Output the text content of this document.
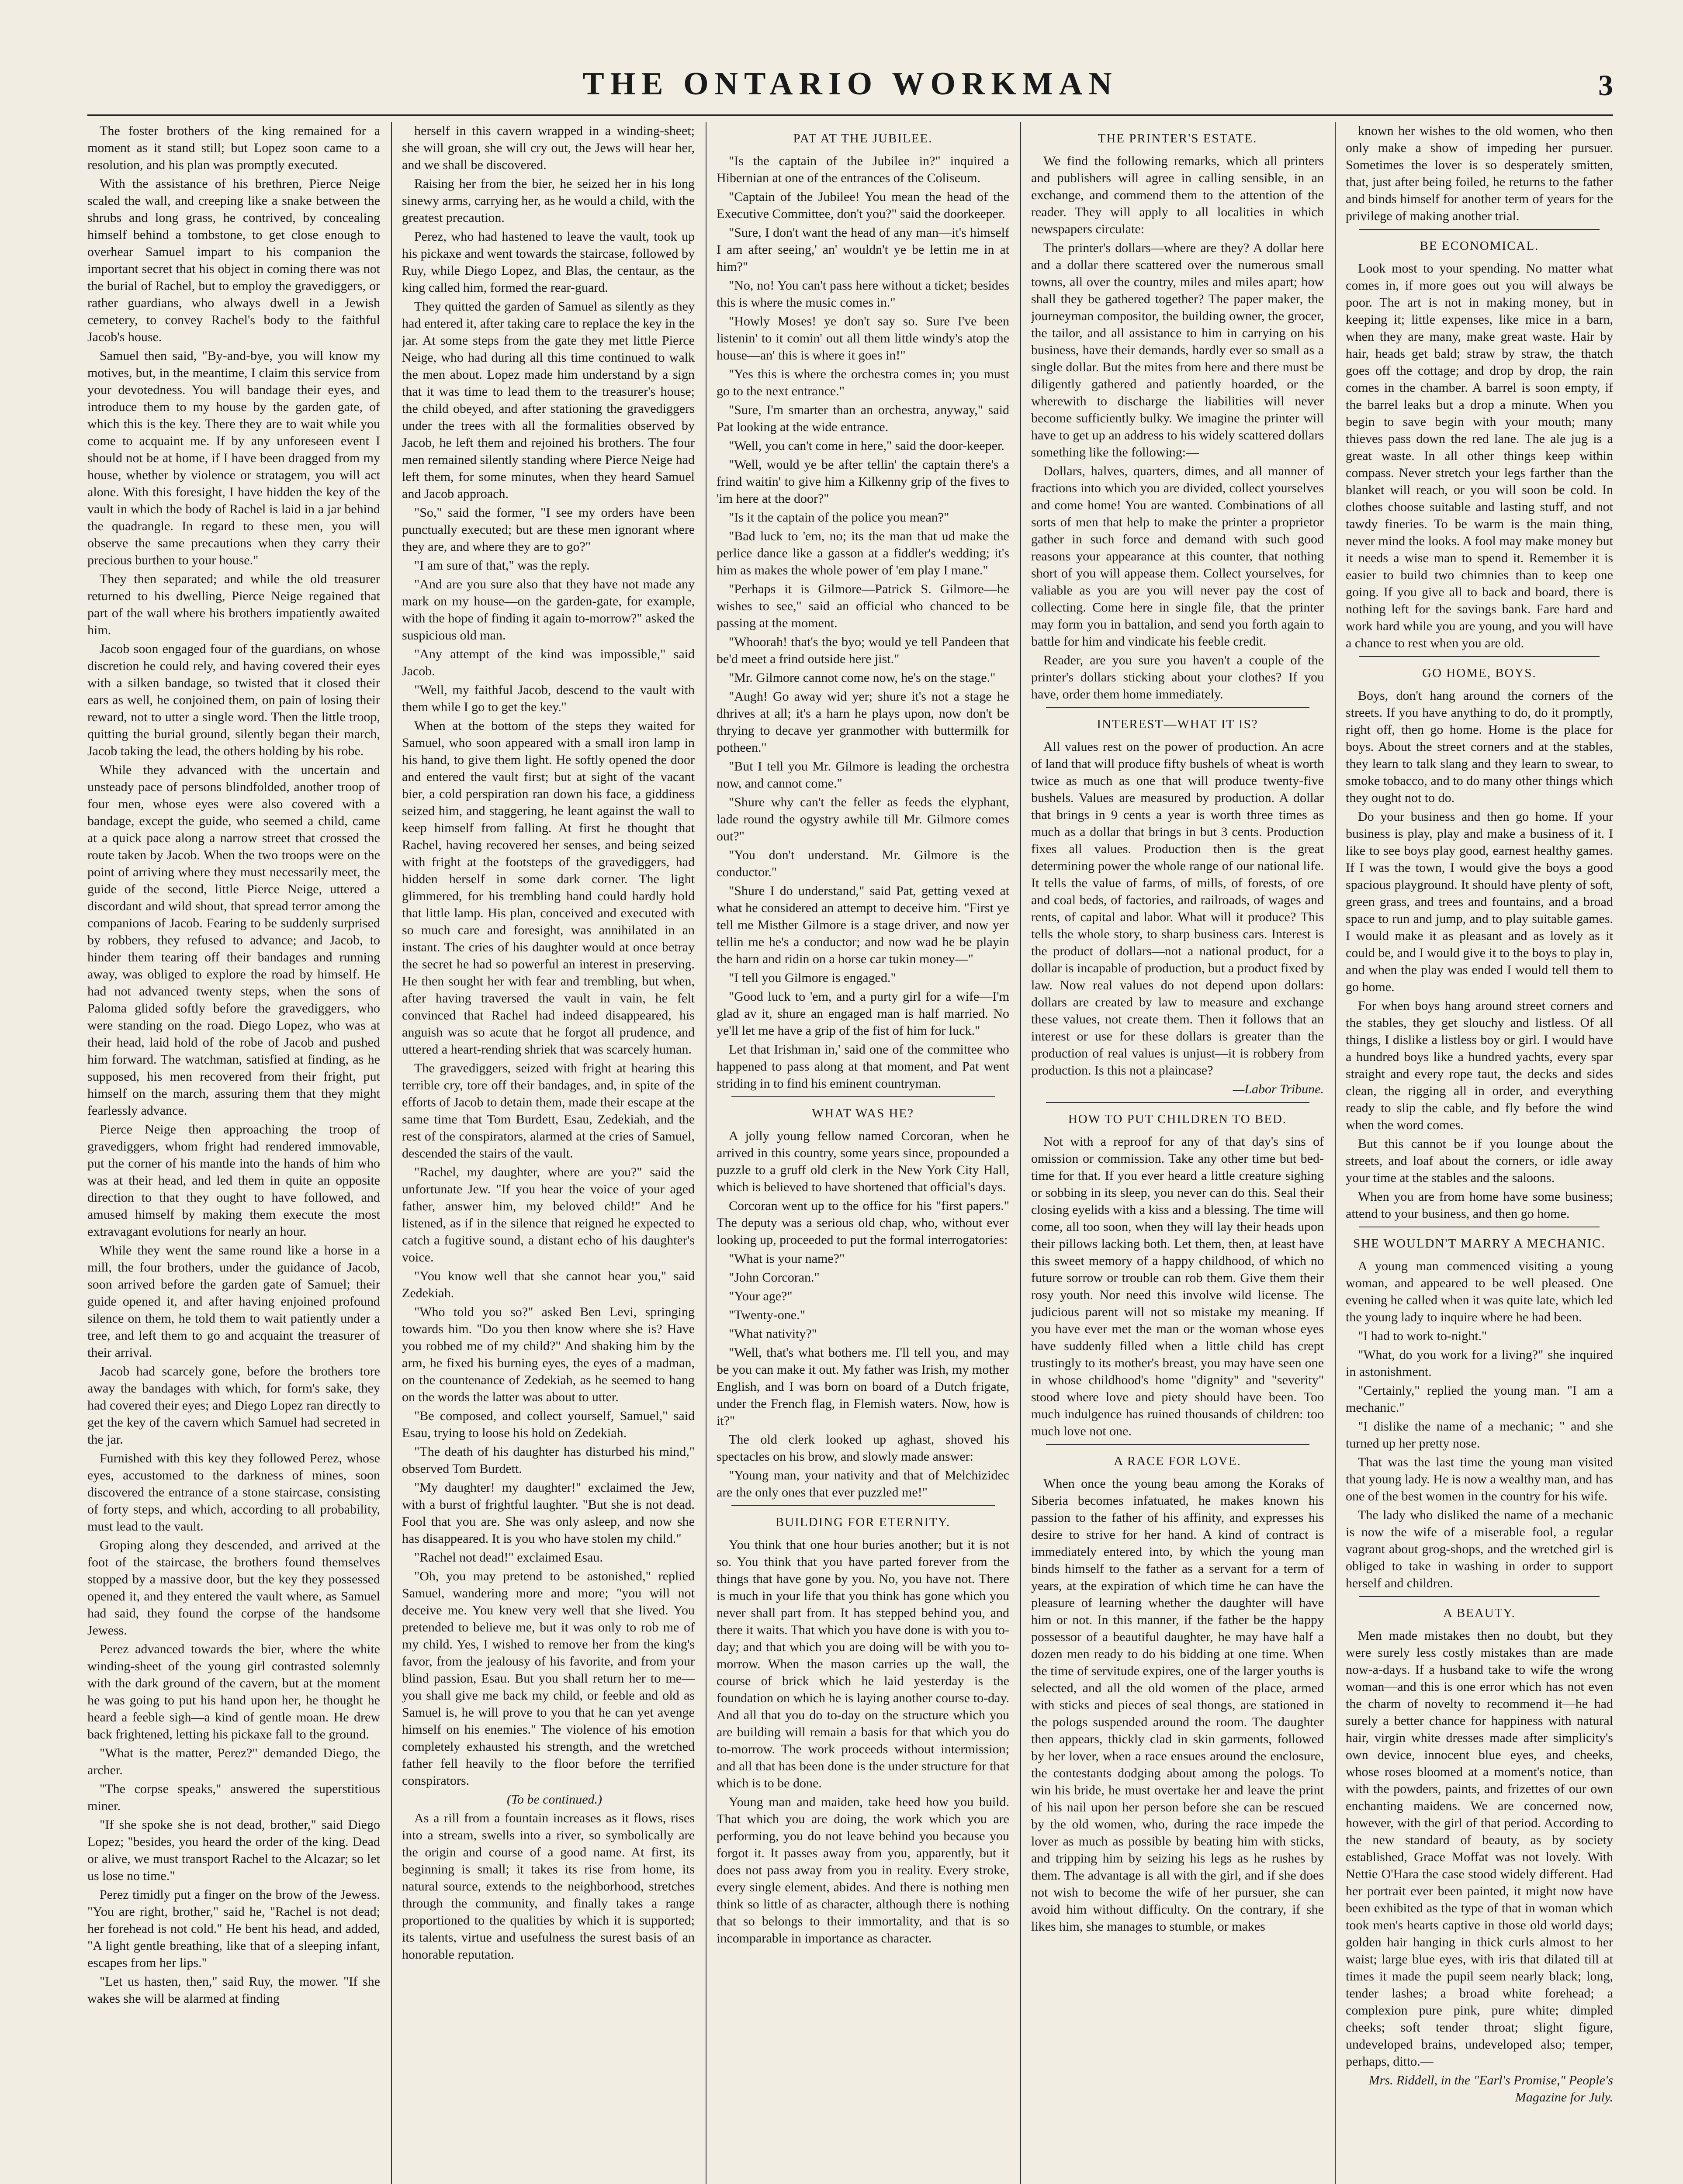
THE ONTARIO WORKMAN	3

The foster brothers of the king remained for a moment as it stand still; but Lopez soon came to a resolution, and his plan was promptly executed.

With the assistance of his brethren, Pierce Neige scaled the wall, and creeping like a snake between the shrubs and long grass, he contrived, by concealing himself behind a tombstone, to get close enough to overhear Samuel impart to his companion the important secret that his object in coming there was not the burial of Rachel, but to employ the gravediggers, or rather guardians, who always dwell in a Jewish cemetery, to convey Rachel's body to the faithful Jacob's house.

Samuel then said, "By-and-bye, you will know my motives, but, in the meantime, I claim this service from your devotedness. You will bandage their eyes, and introduce them to my house by the garden gate, of which this is the key. There they are to wait while you come to acquaint me. If by any unforeseen event I should not be at home, if I have been dragged from my house, whether by violence or stratagem, you will act alone. With this foresight, I have hidden the key of the vault in which the body of Rachel is laid in a jar behind the quadrangle. In regard to these men, you will observe the same precautions when they carry their precious burthen to your house."

They then separated; and while the old treasurer returned to his dwelling, Pierce Neige regained that part of the wall where his brothers impatiently awaited him.

Jacob soon engaged four of the guardians, on whose discretion he could rely, and having covered their eyes with a silken bandage, so twisted that it closed their ears as well, he conjoined them, on pain of losing their reward, not to utter a single word. Then the little troop, quitting the burial ground, silently began their march, Jacob taking the lead, the others holding by his robe.

While they advanced with the uncertain and unsteady pace of persons blindfolded, another troop of four men, whose eyes were also covered with a bandage, except the guide, who seemed a child, came at a quick pace along a narrow street that crossed the route taken by Jacob. When the two troops were on the point of arriving where they must necessarily meet, the guide of the second, little Pierce Neige, uttered a discordant and wild shout, that spread terror among the companions of Jacob. Fearing to be suddenly surprised by robbers, they refused to advance; and Jacob, to hinder them tearing off their bandages and running away, was obliged to explore the road by himself. He had not advanced twenty steps, when the sons of Paloma glided softly before the gravediggers, who were standing on the road. Diego Lopez, who was at their head, laid hold of the robe of Jacob and pushed him forward. The watchman, satisfied at finding, as he supposed, his men recovered from their fright, put himself on the march, assuring them that they might fearlessly advance.

Pierce Neige then approaching the troop of gravediggers, whom fright had rendered immovable, put the corner of his mantle into the hands of him who was at their head, and led them in quite an opposite direction to that they ought to have followed, and amused himself by making them execute the most extravagant evolutions for nearly an hour.

While they went the same round like a horse in a mill, the four brothers, under the guidance of Jacob, soon arrived before the garden gate of Samuel; their guide opened it, and after having enjoined profound silence on them, he told them to wait patiently under a tree, and left them to go and acquaint the treasurer of their arrival.

Jacob had scarcely gone, before the brothers tore away the bandages with which, for form's sake, they had covered their eyes; and Diego Lopez ran directly to get the key of the cavern which Samuel had secreted in the jar.

Furnished with this key they followed Perez, whose eyes, accustomed to the darkness of mines, soon discovered the entrance of a stone staircase, consisting of forty steps, and which, according to all probability, must lead to the vault.

Groping along they descended, and arrived at the foot of the staircase, the brothers found themselves stopped by a massive door, but the key they possessed opened it, and they entered the vault where, as Samuel had said, they found the corpse of the handsome Jewess.

Perez advanced towards the bier, where the white winding-sheet of the young girl contrasted solemnly with the dark ground of the cavern, but at the moment he was going to put his hand upon her, he thought he heard a feeble sigh—a kind of gentle moan. He drew back frightened, letting his pickaxe fall to the ground.

"What is the matter, Perez?" demanded Diego, the archer.

"The corpse speaks," answered the superstitious miner.

"If she spoke she is not dead, brother," said Diego Lopez; "besides, you heard the order of the king. Dead or alive, we must transport Rachel to the Alcazar; so let us lose no time."

Perez timidly put a finger on the brow of the Jewess. "You are right, brother," said he, "Rachel is not dead; her forehead is not cold." He bent his head, and added, "A light gentle breathing, like that of a sleeping infant, escapes from her lips."

"Let us hasten, then," said Ruy, the mower. "If she wakes she will be alarmed at finding

herself in this cavern wrapped in a winding-sheet; she will groan, she will cry out, the Jews will hear her, and we shall be discovered.

Raising her from the bier, he seized her in his long sinewy arms, carrying her, as he would a child, with the greatest precaution.

Perez, who had hastened to leave the vault, took up his pickaxe and went towards the staircase, followed by Ruy, while Diego Lopez, and Blas, the centaur, as the king called him, formed the rear-guard.

They quitted the garden of Samuel as silently as they had entered it, after taking care to replace the key in the jar. At some steps from the gate they met little Pierce Neige, who had during all this time continued to walk the men about. Lopez made him understand by a sign that it was time to lead them to the treasurer's house; the child obeyed, and after stationing the gravediggers under the trees with all the formalities observed by Jacob, he left them and rejoined his brothers. The four men remained silently standing where Pierce Neige had left them, for some minutes, when they heard Samuel and Jacob approach.

"So," said the former, "I see my orders have been punctually executed; but are these men ignorant where they are, and where they are to go?"

"I am sure of that," was the reply.

"And are you sure also that they have not made any mark on my house—on the garden-gate, for example, with the hope of finding it again to-morrow?" asked the suspicious old man.

"Any attempt of the kind was impossible," said Jacob.

"Well, my faithful Jacob, descend to the vault with them while I go to get the key."

When at the bottom of the steps they waited for Samuel, who soon appeared with a small iron lamp in his hand, to give them light. He softly opened the door and entered the vault first; but at sight of the vacant bier, a cold perspiration ran down his face, a giddiness seized him, and staggering, he leant against the wall to keep himself from falling. At first he thought that Rachel, having recovered her senses, and being seized with fright at the footsteps of the gravediggers, had hidden herself in some dark corner. The light glimmered, for his trembling hand could hardly hold that little lamp. His plan, conceived and executed with so much care and foresight, was annihilated in an instant. The cries of his daughter would at once betray the secret he had so powerful an interest in preserving. He then sought her with fear and trembling, but when, after having traversed the vault in vain, he felt convinced that Rachel had indeed disappeared, his anguish was so acute that he forgot all prudence, and uttered a heart-rending shriek that was scarcely human.

The gravediggers, seized with fright at hearing this terrible cry, tore off their bandages, and, in spite of the efforts of Jacob to detain them, made their escape at the same time that Tom Burdett, Esau, Zedekiah, and the rest of the conspirators, alarmed at the cries of Samuel, descended the stairs of the vault.

"Rachel, my daughter, where are you?" said the unfortunate Jew. "If you hear the voice of your aged father, answer him, my beloved child!" And he listened, as if in the silence that reigned he expected to catch a fugitive sound, a distant echo of his daughter's voice.

"You know well that she cannot hear you," said Zedekiah.

"Who told you so?" asked Ben Levi, springing towards him. "Do you then know where she is? Have you robbed me of my child?" And shaking him by the arm, he fixed his burning eyes, the eyes of a madman, on the countenance of Zedekiah, as he seemed to hang on the words the latter was about to utter.

"Be composed, and collect yourself, Samuel," said Esau, trying to loose his hold on Zedekiah.

"The death of his daughter has disturbed his mind," observed Tom Burdett.

"My daughter! my daughter!" exclaimed the Jew, with a burst of frightful laughter. "But she is not dead. Fool that you are. She was only asleep, and now she has disappeared. It is you who have stolen my child."

"Rachel not dead!" exclaimed Esau.

"Oh, you may pretend to be astonished," replied Samuel, wandering more and more; "you will not deceive me. You knew very well that she lived. You pretended to believe me, but it was only to rob me of my child. Yes, I wished to remove her from the king's favor, from the jealousy of his favorite, and from your blind passion, Esau. But you shall return her to me—you shall give me back my child, or feeble and old as Samuel is, he will prove to you that he can yet avenge himself on his enemies." The violence of his emotion completely exhausted his strength, and the wretched father fell heavily to the floor before the terrified conspirators.

(To be continued.)

As a rill from a fountain increases as it flows, rises into a stream, swells into a river, so symbolically are the origin and course of a good name. At first, its beginning is small; it takes its rise from home, its natural source, extends to the neighborhood, stretches through the community, and finally takes a range proportioned to the qualities by which it is supported; its talents, virtue and usefulness the surest basis of an honorable reputation.

PAT AT THE JUBILEE.

"Is the captain of the Jubilee in?" inquired a Hibernian at one of the entrances of the Coliseum.

"Captain of the Jubilee! You mean the head of the Executive Committee, don't you?" said the doorkeeper.

"Sure, I don't want the head of any man—it's himself I am after seeing,' an' wouldn't ye be lettin me in at him?"

"No, no! You can't pass here without a ticket; besides this is where the music comes in."

"Howly Moses! ye don't say so. Sure I've been listenin' to it comin' out all them little windy's atop the house—an' this is where it goes in!"

"Yes this is where the orchestra comes in; you must go to the next entrance."

"Sure, I'm smarter than an orchestra, anyway," said Pat looking at the wide entrance.

"Well, you can't come in here," said the door-keeper.

"Well, would ye be after tellin' the captain there's a frind waitin' to give him a Kilkenny grip of the fives to 'im here at the door?"

"Is it the captain of the police you mean?"

"Bad luck to 'em, no; its the man that ud make the perlice dance like a gasson at a fiddler's wedding; it's him as makes the whole power of 'em play I mane."

"Perhaps it is Gilmore—Patrick S. Gilmore—he wishes to see," said an official who chanced to be passing at the moment.

"Whoorah! that's the byo; would ye tell Pandeen that be'd meet a frind outside here jist."

"Mr. Gilmore cannot come now, he's on the stage."

"Augh! Go away wid yer; shure it's not a stage he dhrives at all; it's a harn he plays upon, now don't be thrying to decave yer granmother with buttermilk for potheen."

"But I tell you Mr. Gilmore is leading the orchestra now, and cannot come."

"Shure why can't the feller as feeds the elyphant, lade round the ogystry awhile till Mr. Gilmore comes out?"

"You don't understand. Mr. Gilmore is the conductor."

"Shure I do understand," said Pat, getting vexed at what he considered an attempt to deceive him. "First ye tell me Misther Gilmore is a stage driver, and now yer tellin me he's a conductor; and now wad he be playin the harn and ridin on a horse car tukin money—"

"I tell you Gilmore is engaged."

"Good luck to 'em, and a purty girl for a wife—I'm glad av it, shure an engaged man is half married. No ye'll let me have a grip of the fist of him for luck."

Let that Irishman in,' said one of the committee who happened to pass along at that moment, and Pat went striding in to find his eminent countryman.

WHAT WAS HE?

A jolly young fellow named Corcoran, when he arrived in this country, some years since, propounded a puzzle to a gruff old clerk in the New York City Hall, which is believed to have shortened that official's days.

Corcoran went up to the office for his "first papers." The deputy was a serious old chap, who, without ever looking up, proceeded to put the formal interrogatories:

"What is your name?"

"John Corcoran."

"Your age?"

"Twenty-one."

"What nativity?"

"Well, that's what bothers me. I'll tell you, and may be you can make it out. My father was Irish, my mother English, and I was born on board of a Dutch frigate, under the French flag, in Flemish waters. Now, how is it?"

The old clerk looked up aghast, shoved his spectacles on his brow, and slowly made answer:

"Young man, your nativity and that of Melchizidec are the only ones that ever puzzled me!"

BUILDING FOR ETERNITY.

You think that one hour buries another; but it is not so. You think that you have parted forever from the things that have gone by you. No, you have not. There is much in your life that you think has gone which you never shall part from. It has stepped behind you, and there it waits. That which you have done is with you to-day; and that which you are doing will be with you to-morrow. When the mason carries up the wall, the course of brick which he laid yesterday is the foundation on which he is laying another course to-day. And all that you do to-day on the structure which you are building will remain a basis for that which you do to-morrow. The work proceeds without intermission; and all that has been done is the under structure for that which is to be done.

Young man and maiden, take heed how you build. That which you are doing, the work which you are performing, you do not leave behind you because you forgot it. It passes away from you, apparently, but it does not pass away from you in reality. Every stroke, every single element, abides. And there is nothing men think so little of as character, although there is nothing that so belongs to their immortality, and that is so incomparable in importance as character.

THE PRINTER'S ESTATE.

We find the following remarks, which all printers and publishers will agree in calling sensible, in an exchange, and commend them to the attention of the reader. They will apply to all localities in which newspapers circulate:

The printer's dollars—where are they? A dollar here and a dollar there scattered over the numerous small towns, all over the country, miles and miles apart; how shall they be gathered together? The paper maker, the journeyman compositor, the building owner, the grocer, the tailor, and all assistance to him in carrying on his business, have their demands, hardly ever so small as a single dollar. But the mites from here and there must be diligently gathered and patiently hoarded, or the wherewith to discharge the liabilities will never become sufficiently bulky. We imagine the printer will have to get up an address to his widely scattered dollars something like the following:—

Dollars, halves, quarters, dimes, and all manner of fractions into which you are divided, collect yourselves and come home! You are wanted. Combinations of all sorts of men that help to make the printer a proprietor gather in such force and demand with such good reasons your appearance at this counter, that nothing short of you will appease them. Collect yourselves, for valiable as you are you will never pay the cost of collecting. Come here in single file, that the printer may form you in battalion, and send you forth again to battle for him and vindicate his feeble credit.

Reader, are you sure you haven't a couple of the printer's dollars sticking about your clothes? If you have, order them home immediately.

INTEREST—WHAT IT IS?

All values rest on the power of production. An acre of land that will produce fifty bushels of wheat is worth twice as much as one that will produce twenty-five bushels. Values are measured by production. A dollar that brings in 9 cents a year is worth three times as much as a dollar that brings in but 3 cents. Production fixes all values. Production then is the great determining power the whole range of our national life. It tells the value of farms, of mills, of forests, of ore and coal beds, of factories, and railroads, of wages and rents, of capital and labor. What will it produce? This tells the whole story, to sharp business cars. Interest is the product of dollars—not a national product, for a dollar is incapable of production, but a product fixed by law. Now real values do not depend upon dollars: dollars are created by law to measure and exchange these values, not create them. Then it follows that an interest or use for these dollars is greater than the production of real values is unjust—it is robbery from production. Is this not a plaincase?

—Labor Tribune.

HOW TO PUT CHILDREN TO BED.

Not with a reproof for any of that day's sins of omission or commission. Take any other time but bed-time for that. If you ever heard a little creature sighing or sobbing in its sleep, you never can do this. Seal their closing eyelids with a kiss and a blessing. The time will come, all too soon, when they will lay their heads upon their pillows lacking both. Let them, then, at least have this sweet memory of a happy childhood, of which no future sorrow or trouble can rob them. Give them their rosy youth. Nor need this involve wild license. The judicious parent will not so mistake my meaning. If you have ever met the man or the woman whose eyes have suddenly filled when a little child has crept trustingly to its mother's breast, you may have seen one in whose childhood's home "dignity" and "severity" stood where love and piety should have been. Too much indulgence has ruined thousands of children: too much love not one.

A RACE FOR LOVE.

When once the young beau among the Koraks of Siberia becomes infatuated, he makes known his passion to the father of his affinity, and expresses his desire to strive for her hand. A kind of contract is immediately entered into, by which the young man binds himself to the father as a servant for a term of years, at the expiration of which time he can have the pleasure of learning whether the daughter will have him or not. In this manner, if the father be the happy possessor of a beautiful daughter, he may have half a dozen men ready to do his bidding at one time. When the time of servitude expires, one of the larger youths is selected, and all the old women of the place, armed with sticks and pieces of seal thongs, are stationed in the pologs suspended around the room. The daughter then appears, thickly clad in skin garments, followed by her lover, when a race ensues around the enclosure, the contestants dodging about among the pologs. To win his bride, he must overtake her and leave the print of his nail upon her person before she can be rescued by the old women, who, during the race impede the lover as much as possible by beating him with sticks, and tripping him by seizing his legs as he rushes by them. The advantage is all with the girl, and if she does not wish to become the wife of her pursuer, she can avoid him without difficulty. On the contrary, if she likes him, she manages to stumble, or makes

known her wishes to the old women, who then only make a show of impeding her pursuer. Sometimes the lover is so desperately smitten, that, just after being foiled, he returns to the father and binds himself for another term of years for the privilege of making another trial.

BE ECONOMICAL.

Look most to your spending. No matter what comes in, if more goes out you will always be poor. The art is not in making money, but in keeping it; little expenses, like mice in a barn, when they are many, make great waste. Hair by hair, heads get bald; straw by straw, the thatch goes off the cottage; and drop by drop, the rain comes in the chamber. A barrel is soon empty, if the barrel leaks but a drop a minute. When you begin to save begin with your mouth; many thieves pass down the red lane. The ale jug is a great waste. In all other things keep within compass. Never stretch your legs farther than the blanket will reach, or you will soon be cold. In clothes choose suitable and lasting stuff, and not tawdy fineries. To be warm is the main thing, never mind the looks. A fool may make money but it needs a wise man to spend it. Remember it is easier to build two chimnies than to keep one going. If you give all to back and board, there is nothing left for the savings bank. Fare hard and work hard while you are young, and you will have a chance to rest when you are old.

GO HOME, BOYS.

Boys, don't hang around the corners of the streets. If you have anything to do, do it promptly, right off, then go home. Home is the place for boys. About the street corners and at the stables, they learn to talk slang and they learn to swear, to smoke tobacco, and to do many other things which they ought not to do.

Do your business and then go home. If your business is play, play and make a business of it. I like to see boys play good, earnest healthy games. If I was the town, I would give the boys a good spacious playground. It should have plenty of soft, green grass, and trees and fountains, and a broad space to run and jump, and to play suitable games. I would make it as pleasant and as lovely as it could be, and I would give it to the boys to play in, and when the play was ended I would tell them to go home.

For when boys hang around street corners and the stables, they get slouchy and listless. Of all things, I dislike a listless boy or girl. I would have a hundred boys like a hundred yachts, every spar straight and every rope taut, the decks and sides clean, the rigging all in order, and everything ready to slip the cable, and fly before the wind when the word comes.

But this cannot be if you lounge about the streets, and loaf about the corners, or idle away your time at the stables and the saloons.

When you are from home have some business; attend to your business, and then go home.

SHE WOULDN'T MARRY A MECHANIC.

A young man commenced visiting a young woman, and appeared to be well pleased. One evening he called when it was quite late, which led the young lady to inquire where he had been.

"I had to work to-night."

"What, do you work for a living?" she inquired in astonishment.

"Certainly," replied the young man. "I am a mechanic."

"I dislike the name of a mechanic; " and she turned up her pretty nose.

That was the last time the young man visited that young lady. He is now a wealthy man, and has one of the best women in the country for his wife.

The lady who disliked the name of a mechanic is now the wife of a miserable fool, a regular vagrant about grog-shops, and the wretched girl is obliged to take in washing in order to support herself and children.

A BEAUTY.

Men made mistakes then no doubt, but they were surely less costly mistakes than are made now-a-days. If a husband take to wife the wrong woman—and this is one error which has not even the charm of novelty to recommend it—he had surely a better chance for happiness with natural hair, virgin white dresses made after simplicity's own device, innocent blue eyes, and cheeks, whose roses bloomed at a moment's notice, than with the powders, paints, and frizettes of our own enchanting maidens. We are concerned now, however, with the girl of that period. According to the new standard of beauty, as by society established, Grace Moffat was not lovely. With Nettie O'Hara the case stood widely different. Had her portrait ever been painted, it might now have been exhibited as the type of that in woman which took men's hearts captive in those old world days; golden hair hanging in thick curls almost to her waist; large blue eyes, with iris that dilated till at times it made the pupil seem nearly black; long, tender lashes; a broad white forehead; a complexion pure pink, pure white; dimpled cheeks; soft tender throat; slight figure, undeveloped brains, undeveloped also; temper, perhaps, ditto.—

Mrs. Riddell, in the "Earl's Promise," People's Magazine for July.
